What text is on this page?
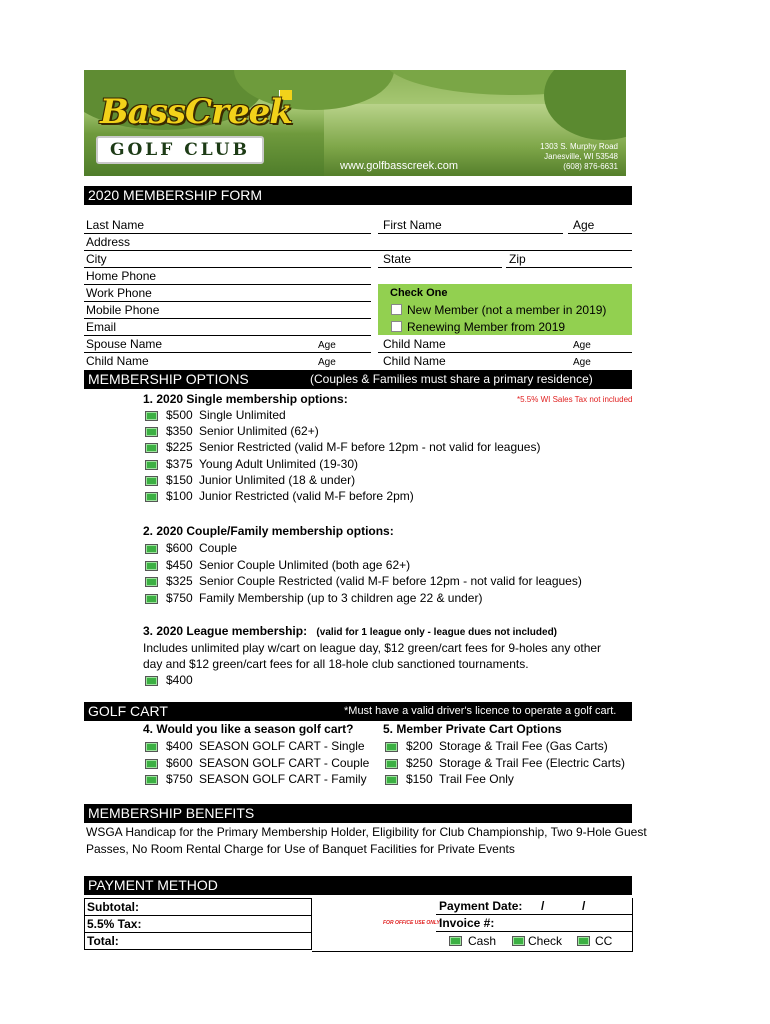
BassCreek
GOLF CLUB
www.golfbasscreek.com
1303 S. Murphy Road
Janesville, WI 53548
(608) 876-6631
2020 MEMBERSHIP FORM
Last Name	First Name	Age
Address
City	State	Zip
Home Phone
Work Phone
Mobile Phone
Email
Check One
New Member (not a member in 2019)
Renewing Member from 2019
Spouse Name	Age	Child Name	Age
Child Name	Age	Child Name	Age
MEMBERSHIP OPTIONS	(Couples & Families must share a primary residence)
1. 2020 Single membership options:	*5.5% WI Sales Tax not included
$500 Single Unlimited
$350 Senior Unlimited (62+)
$225 Senior Restricted (valid M-F before 12pm - not valid for leagues)
$375 Young Adult Unlimited (19-30)
$150 Junior Unlimited (18 & under)
$100 Junior Restricted (valid M-F before 2pm)
2. 2020 Couple/Family membership options:
$600 Couple
$450 Senior Couple Unlimited (both age 62+)
$325 Senior Couple Restricted (valid M-F before 12pm - not valid for leagues)
$750 Family Membership (up to 3 children age 22 & under)
3. 2020 League membership: (valid for 1 league only - league dues not included)
Includes unlimited play w/cart on league day, $12 green/cart fees for 9-holes any other
day and $12 green/cart fees for all 18-hole club sanctioned tournaments.
$400
GOLF CART	*Must have a valid driver's licence to operate a golf cart.
4. Would you like a season golf cart? 5. Member Private Cart Options
$400 SEASON GOLF CART - Single
$600 SEASON GOLF CART - Couple
$750 SEASON GOLF CART - Family
$200 Storage & Trail Fee (Gas Carts)
$250 Storage & Trail Fee (Electric Carts)
$150 Trail Fee Only
MEMBERSHIP BENEFITS
WSGA Handicap for the Primary Membership Holder, Eligibility for Club Championship, Two 9-Hole Guest
Passes, No Room Rental Charge for Use of Banquet Facilities for Private Events
PAYMENT METHOD
Subtotal:
5.5% Tax:
Total:
FOR OFFICE USE ONLY
Payment Date: /	/
Invoice #:
Cash	Check	CC
